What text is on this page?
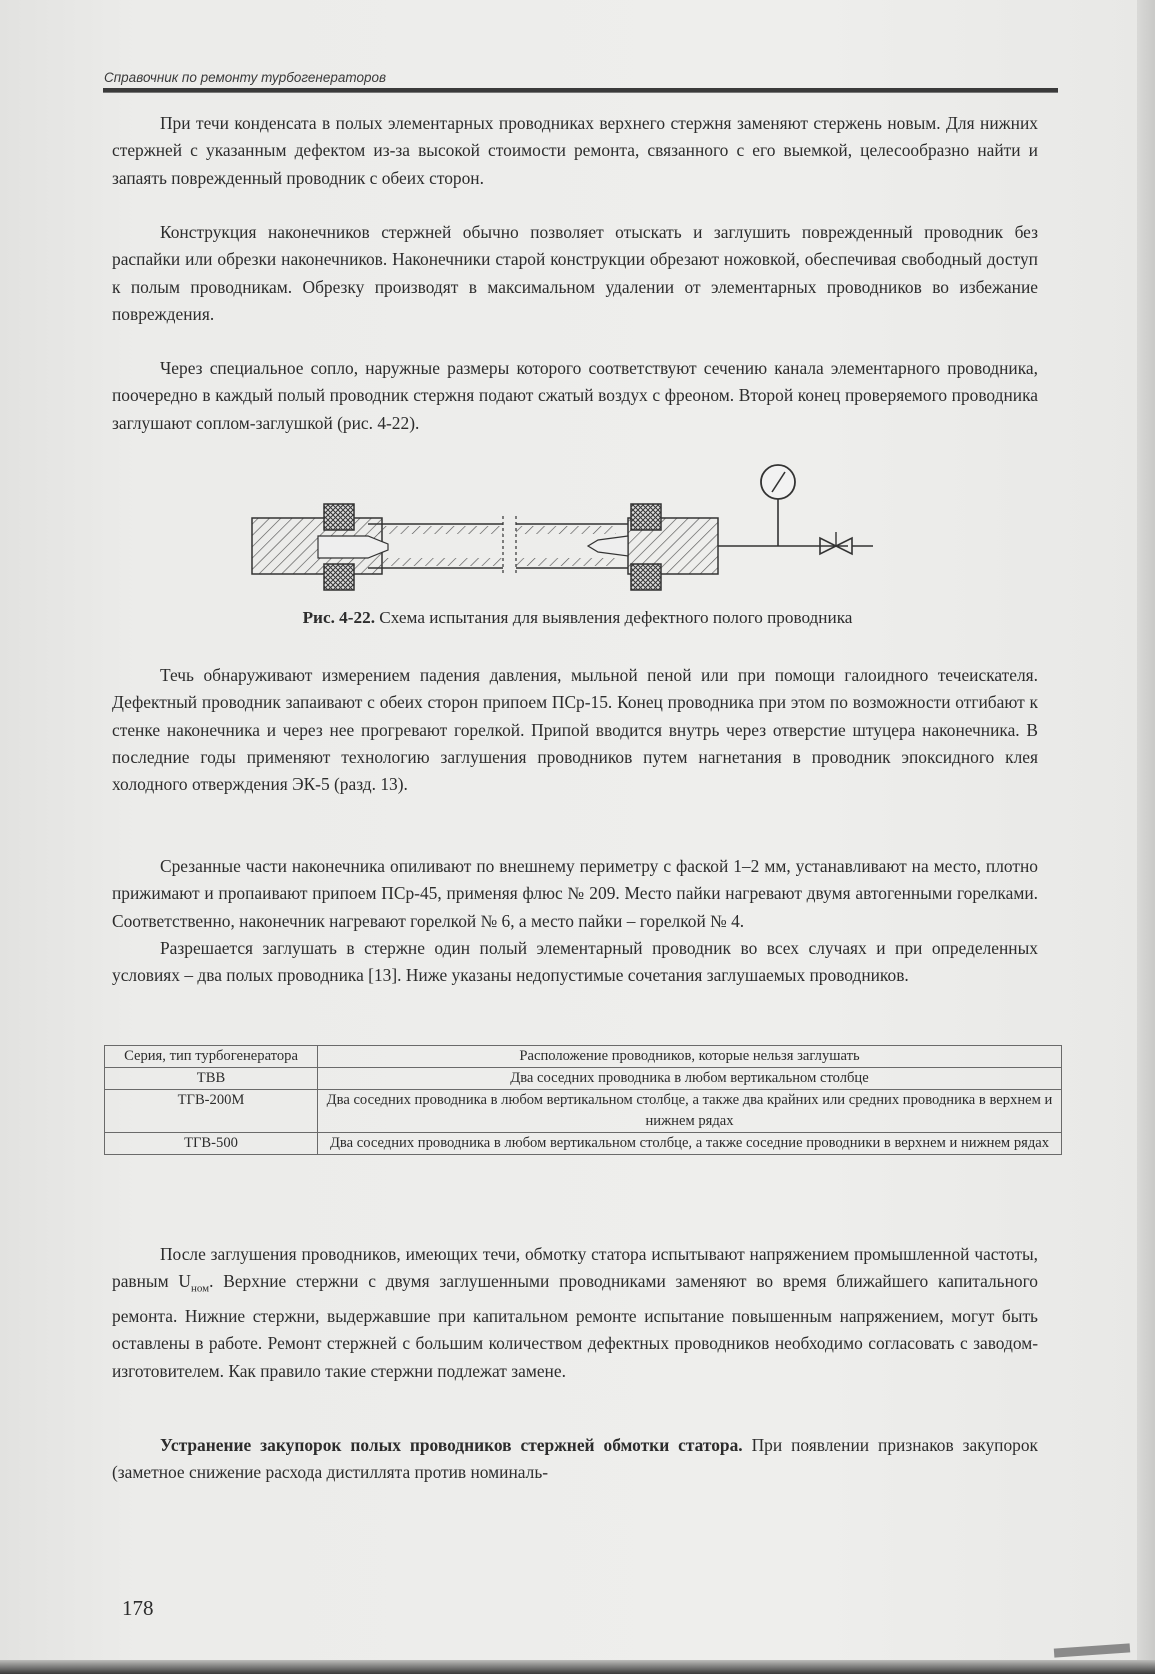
Справочник по ремонту турбогенераторов

При течи конденсата в полых элементарных проводниках верхнего стержня заменяют стержень новым. Для нижних стержней с указанным дефектом из-за высокой стоимости ремонта, связанного с его выемкой, целесообразно найти и запаять поврежденный проводник с обеих сторон.

Конструкция наконечников стержней обычно позволяет отыскать и заглушить поврежденный проводник без распайки или обрезки наконечников. Наконечники старой конструкции обрезают ножовкой, обеспечивая свободный доступ к полым проводникам. Обрезку производят в максимальном удалении от элементарных проводников во избежание повреждения.

Через специальное сопло, наружные размеры которого соответствуют сечению канала элементарного проводника, поочередно в каждый полый проводник стержня подают сжатый воздух с фреоном. Второй конец проверяемого проводника заглушают соплом-заглушкой (рис. 4-22).

Рис. 4-22. Схема испытания для выявления дефектного полого проводника

Течь обнаруживают измерением падения давления, мыльной пеной или при помощи галоидного течеискателя. Дефектный проводник запаивают с обеих сторон припоем ПСр-15. Конец проводника при этом по возможности отгибают к стенке наконечника и через нее прогревают горелкой. Припой вводится внутрь через отверстие штуцера наконечника. В последние годы применяют технологию заглушения проводников путем нагнетания в проводник эпоксидного клея холодного отверждения ЭК-5 (разд. 13).

Срезанные части наконечника опиливают по внешнему периметру с фаской 1–2 мм, устанавливают на место, плотно прижимают и пропаивают припоем ПСр-45, применяя флюс № 209. Место пайки нагревают двумя автогенными горелками. Соответственно, наконечник нагревают горелкой № 6, а место пайки – горелкой № 4.

Разрешается заглушать в стержне один полый элементарный проводник во всех случаях и при определенных условиях – два полых проводника [13]. Ниже указаны недопустимые сочетания заглушаемых проводников.

Серия, тип турбогенератора	Расположение проводников, которые нельзя заглушать
ТВВ	Два соседних проводника в любом вертикальном столбце
ТГВ-200М	Два соседних проводника в любом вертикальном столбце, а также два крайних или средних проводника в верхнем и нижнем рядах
ТГВ-500	Два соседних проводника в любом вертикальном столбце, а также соседние проводники в верхнем и нижнем рядах

После заглушения проводников, имеющих течи, обмотку статора испытывают напряжением промышленной частоты, равным $U_{ном}$. Верхние стержни с двумя заглушенными проводниками заменяют во время ближайшего капитального ремонта. Нижние стержни, выдержавшие при капитальном ремонте испытание повышенным напряжением, могут быть оставлены в работе. Ремонт стержней с большим количеством дефектных проводников необходимо согласовать с заводом-изготовителем. Как правило такие стержни подлежат замене.

Устранение закупорок полых проводников стержней обмотки статора. При появлении признаков закупорок (заметное снижение расхода дистиллята против номиналь-

178
